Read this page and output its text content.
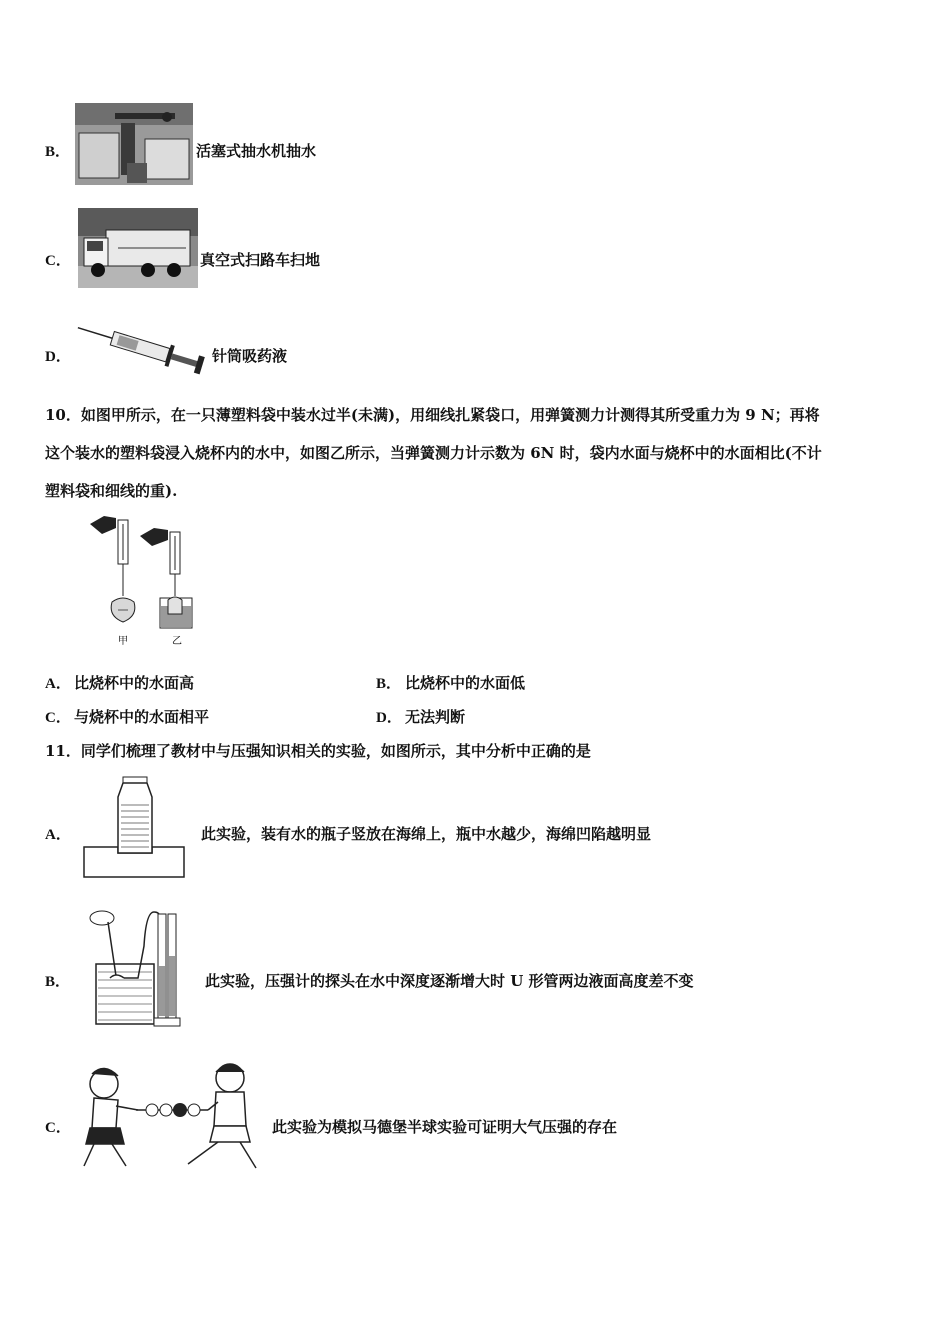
B．	活塞式抽水机抽水
C．	真空式扫路车扫地
D．	针筒吸药液
10．如图甲所示，在一只薄塑料袋中装水过半(未满)，用细线扎紧袋口，用弹簧测力计测得其所受重力为 9 N；再将
这个装水的塑料袋浸入烧杯内的水中，如图乙所示，当弹簧测力计示数为 6N 时，袋内水面与烧杯中的水面相比(不计
塑料袋和细线的重).
甲	乙
A． 比烧杯中的水面高	B． 比烧杯中的水面低
C． 与烧杯中的水面相平	D． 无法判断
11．同学们梳理了教材中与压强知识相关的实验，如图所示，其中分析中正确的是
A．	此实验，装有水的瓶子竖放在海绵上，瓶中水越少，海绵凹陷越明显
B．	此实验，压强计的探头在水中深度逐渐增大时 U 形管两边液面高度差不变
C．	此实验为模拟马德堡半球实验可证明大气压强的存在
